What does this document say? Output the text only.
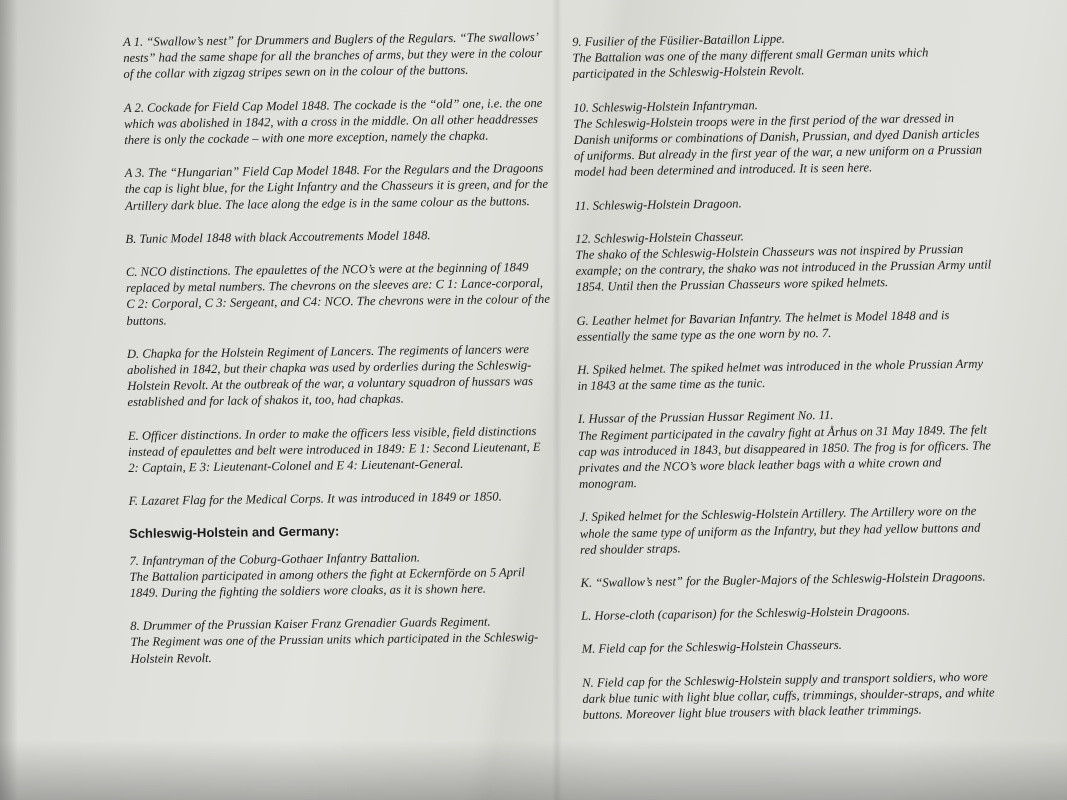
A 1. “Swallow’s nest” for Drummers and Buglers of the Regulars. “The swallows’ nests” had the same shape for all the branches of arms, but they were in the colour of the collar with zigzag stripes sewn on in the colour of the buttons.

A 2. Cockade for Field Cap Model 1848. The cockade is the “old” one, i.e. the one which was abolished in 1842, with a cross in the middle. On all other headdresses there is only the cockade – with one more exception, namely the chapka.

A 3. The “Hungarian” Field Cap Model 1848. For the Regulars and the Dragoons the cap is light blue, for the Light Infantry and the Chasseurs it is green, and for the Artillery dark blue. The lace along the edge is in the same colour as the buttons.

B. Tunic Model 1848 with black Accoutrements Model 1848.

C. NCO distinctions. The epaulettes of the NCO’s were at the beginning of 1849 replaced by metal numbers. The chevrons on the sleeves are: C 1: Lance-corporal, C 2: Corporal, C 3: Sergeant, and C4: NCO. The chevrons were in the colour of the buttons.

D. Chapka for the Holstein Regiment of Lancers. The regiments of lancers were abolished in 1842, but their chapka was used by orderlies during the Schleswig-Holstein Revolt. At the outbreak of the war, a voluntary squadron of hussars was established and for lack of shakos it, too, had chapkas.

E. Officer distinctions. In order to make the officers less visible, field distinctions instead of epaulettes and belt were introduced in 1849: E 1: Second Lieutenant, E 2: Captain, E 3: Lieutenant-Colonel and E 4: Lieutenant-General.

F. Lazaret Flag for the Medical Corps. It was introduced in 1849 or 1850.

Schleswig-Holstein and Germany:

7. Infantryman of the Coburg-Gothaer Infantry Battalion.
The Battalion participated in among others the fight at Eckernförde on 5 April 1849. During the fighting the soldiers wore cloaks, as it is shown here.

8. Drummer of the Prussian Kaiser Franz Grenadier Guards Regiment.
The Regiment was one of the Prussian units which participated in the Schleswig-Holstein Revolt.

9. Fusilier of the Füsilier-Bataillon Lippe.
The Battalion was one of the many different small German units which participated in the Schleswig-Holstein Revolt.

10. Schleswig-Holstein Infantryman.
The Schleswig-Holstein troops were in the first period of the war dressed in Danish uniforms or combinations of Danish, Prussian, and dyed Danish articles of uniforms. But already in the first year of the war, a new uniform on a Prussian model had been determined and introduced. It is seen here.

11. Schleswig-Holstein Dragoon.

12. Schleswig-Holstein Chasseur.
The shako of the Schleswig-Holstein Chasseurs was not inspired by Prussian example; on the contrary, the shako was not introduced in the Prussian Army until 1854. Until then the Prussian Chasseurs wore spiked helmets.

G. Leather helmet for Bavarian Infantry. The helmet is Model 1848 and is essentially the same type as the one worn by no. 7.

H. Spiked helmet. The spiked helmet was introduced in the whole Prussian Army in 1843 at the same time as the tunic.

I. Hussar of the Prussian Hussar Regiment No. 11.
The Regiment participated in the cavalry fight at Århus on 31 May 1849. The felt cap was introduced in 1843, but disappeared in 1850. The frog is for officers. The privates and the NCO’s wore black leather bags with a white crown and monogram.

J. Spiked helmet for the Schleswig-Holstein Artillery. The Artillery wore on the whole the same type of uniform as the Infantry, but they had yellow buttons and red shoulder straps.

K. “Swallow’s nest” for the Bugler-Majors of the Schleswig-Holstein Dragoons.

L. Horse-cloth (caparison) for the Schleswig-Holstein Dragoons.

M. Field cap for the Schleswig-Holstein Chasseurs.

N. Field cap for the Schleswig-Holstein supply and transport soldiers, who wore dark blue tunic with light blue collar, cuffs, trimmings, shoulder-straps, and white buttons. Moreover light blue trousers with black leather trimmings.
